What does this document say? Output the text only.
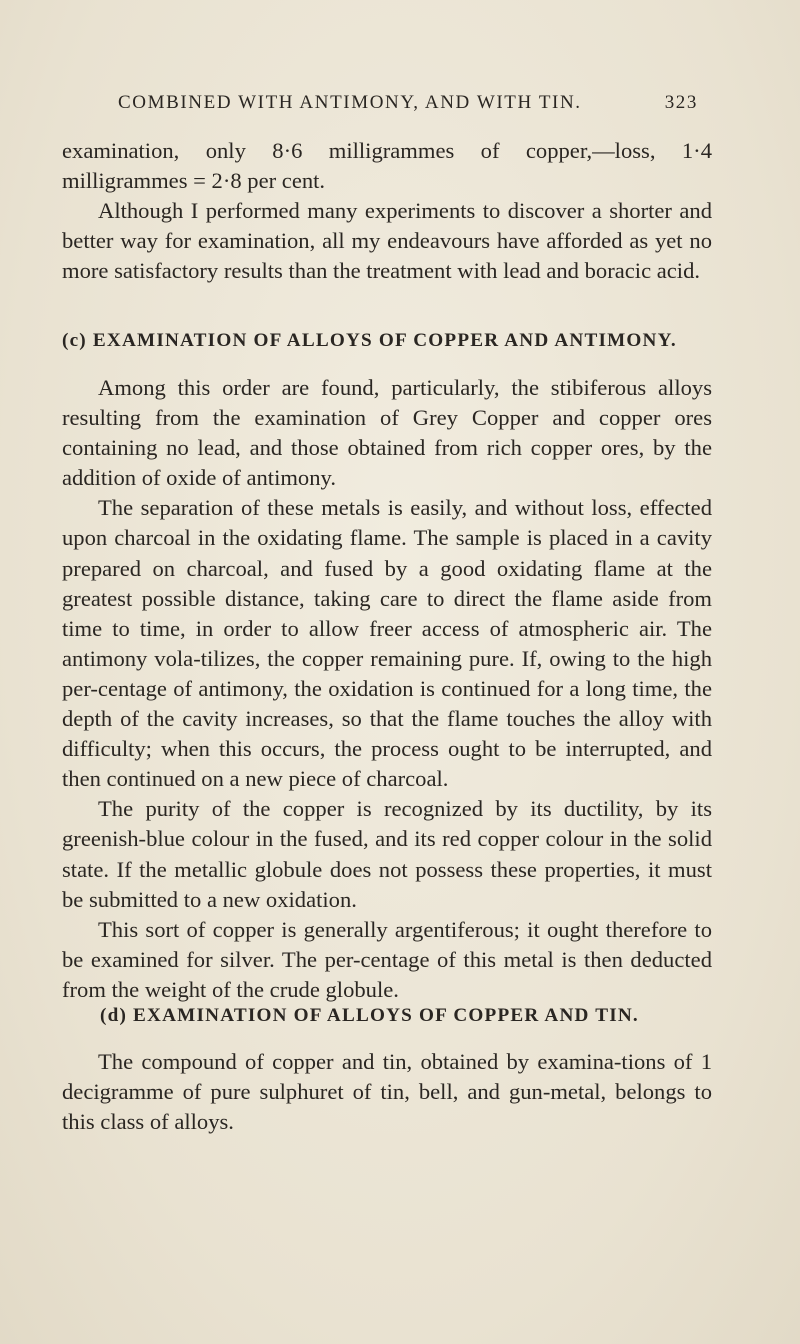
COMBINED WITH ANTIMONY, AND WITH TIN.	323

examination, only 8·6 milligrammes of copper,—loss, 1·4 milligrammes = 2·8 per cent.

Although I performed many experiments to discover a shorter and better way for examination, all my endeavours have afforded as yet no more satisfactory results than the treatment with lead and boracic acid.

(c) EXAMINATION OF ALLOYS OF COPPER AND ANTIMONY.

Among this order are found, particularly, the stibiferous alloys resulting from the examination of Grey Copper and copper ores containing no lead, and those obtained from rich copper ores, by the addition of oxide of antimony.

The separation of these metals is easily, and without loss, effected upon charcoal in the oxidating flame. The sample is placed in a cavity prepared on charcoal, and fused by a good oxidating flame at the greatest possible distance, taking care to direct the flame aside from time to time, in order to allow freer access of atmospheric air. The antimony vola-tilizes, the copper remaining pure. If, owing to the high per-centage of antimony, the oxidation is continued for a long time, the depth of the cavity increases, so that the flame touches the alloy with difficulty; when this occurs, the process ought to be interrupted, and then continued on a new piece of charcoal.

The purity of the copper is recognized by its ductility, by its greenish-blue colour in the fused, and its red copper colour in the solid state. If the metallic globule does not possess these properties, it must be submitted to a new oxidation.

This sort of copper is generally argentiferous; it ought therefore to be examined for silver. The per-centage of this metal is then deducted from the weight of the crude globule.

(d) EXAMINATION OF ALLOYS OF COPPER AND TIN.

The compound of copper and tin, obtained by examina-tions of 1 decigramme of pure sulphuret of tin, bell, and gun-metal, belongs to this class of alloys.
